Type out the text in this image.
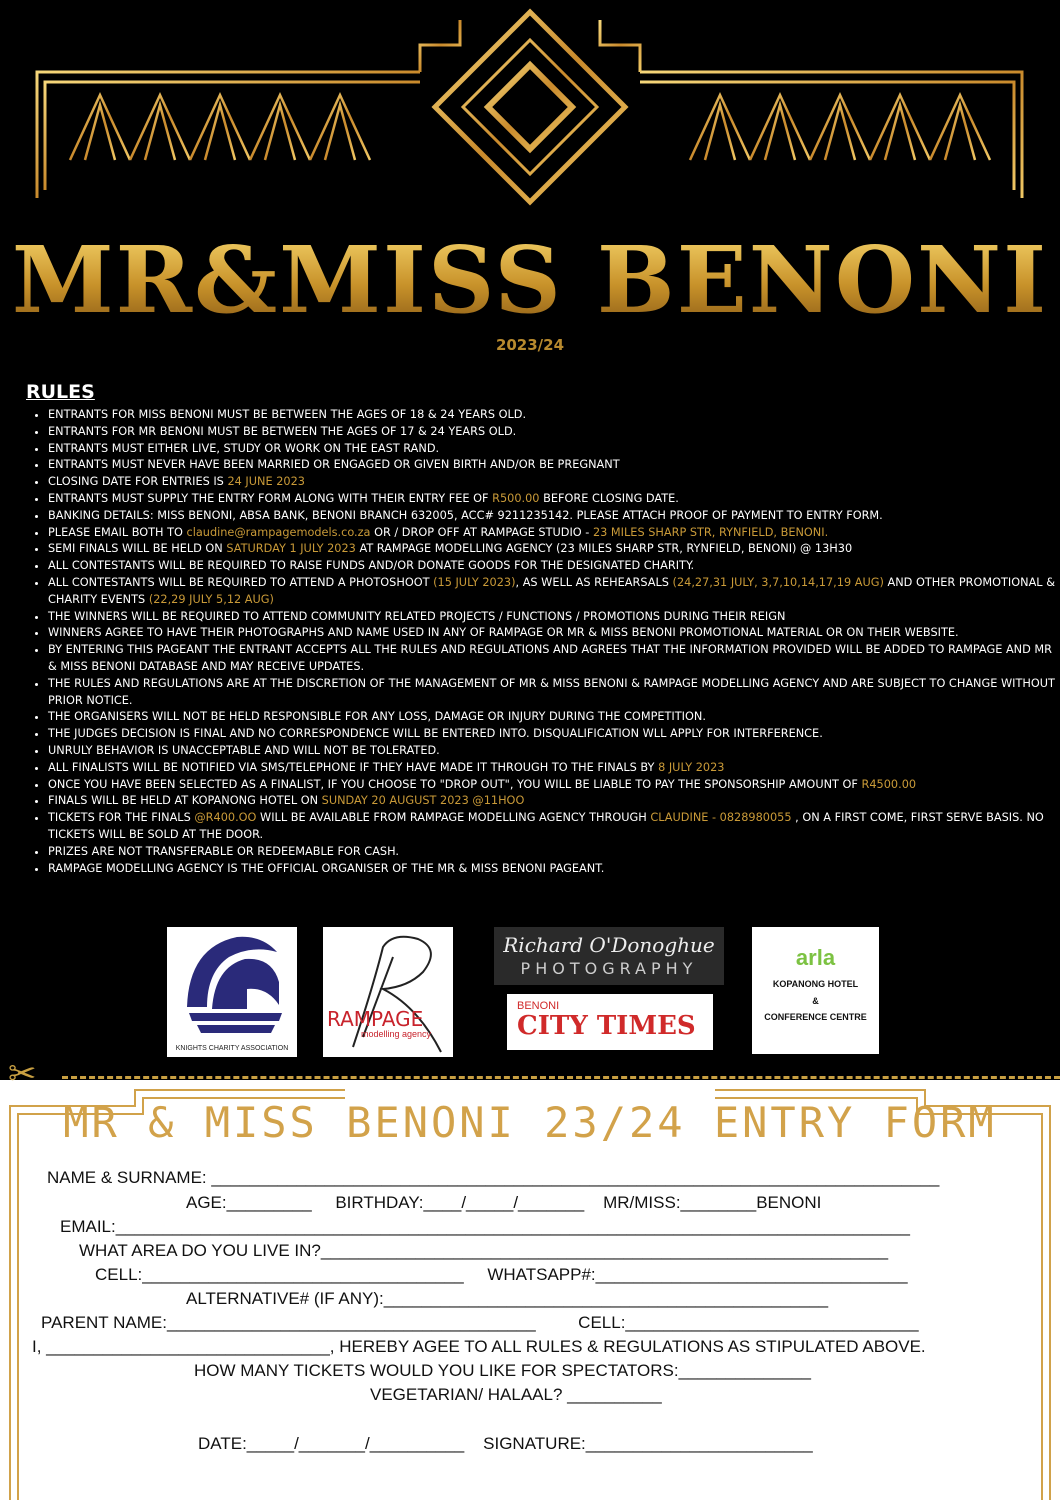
MR&MISS BENONI
2023/24
RULES
• ENTRANTS FOR MISS BENONI MUST BE BETWEEN THE AGES OF 18 & 24 YEARS OLD.
• ENTRANTS FOR MR BENONI MUST BE BETWEEN THE AGES OF 17 & 24 YEARS OLD.
• ENTRANTS MUST EITHER LIVE, STUDY OR WORK ON THE EAST RAND.
• ENTRANTS MUST NEVER HAVE BEEN MARRIED OR ENGAGED OR GIVEN BIRTH AND/OR BE PREGNANT
• CLOSING DATE FOR ENTRIES IS 24 JUNE 2023
• ENTRANTS MUST SUPPLY THE ENTRY FORM ALONG WITH THEIR ENTRY FEE OF R500.00 BEFORE CLOSING DATE.
• BANKING DETAILS: MISS BENONI, ABSA BANK, BENONI BRANCH 632005, ACC# 9211235142. PLEASE ATTACH PROOF OF PAYMENT TO ENTRY FORM.
• PLEASE EMAIL BOTH TO claudine@rampagemodels.co.za OR / DROP OFF AT RAMPAGE STUDIO - 23 MILES SHARP STR, RYNFIELD, BENONI.
• SEMI FINALS WILL BE HELD ON SATURDAY 1 JULY 2023 AT RAMPAGE MODELLING AGENCY (23 MILES SHARP STR, RYNFIELD, BENONI) @ 13H30
• ALL CONTESTANTS WILL BE REQUIRED TO RAISE FUNDS AND/OR DONATE GOODS FOR THE DESIGNATED CHARITY.
• ALL CONTESTANTS WILL BE REQUIRED TO ATTEND A PHOTOSHOOT (15 JULY 2023), AS WELL AS REHEARSALS (24,27,31 JULY, 3,7,10,14,17,19 AUG) AND OTHER PROMOTIONAL & CHARITY EVENTS (22,29 JULY 5,12 AUG)
• THE WINNERS WILL BE REQUIRED TO ATTEND COMMUNITY RELATED PROJECTS / FUNCTIONS / PROMOTIONS DURING THEIR REIGN
• WINNERS AGREE TO HAVE THEIR PHOTOGRAPHS AND NAME USED IN ANY OF RAMPAGE OR MR & MISS BENONI PROMOTIONAL MATERIAL OR ON THEIR WEBSITE.
• BY ENTERING THIS PAGEANT THE ENTRANT ACCEPTS ALL THE RULES AND REGULATIONS AND AGREES THAT THE INFORMATION PROVIDED WILL BE ADDED TO RAMPAGE AND MR & MISS BENONI DATABASE AND MAY RECEIVE UPDATES.
• THE RULES AND REGULATIONS ARE AT THE DISCRETION OF THE MANAGEMENT OF MR & MISS BENONI & RAMPAGE MODELLING AGENCY AND ARE SUBJECT TO CHANGE WITHOUT PRIOR NOTICE.
• THE ORGANISERS WILL NOT BE HELD RESPONSIBLE FOR ANY LOSS, DAMAGE OR INJURY DURING THE COMPETITION.
• THE JUDGES DECISION IS FINAL AND NO CORRESPONDENCE WILL BE ENTERED INTO. DISQUALIFICATION WLL APPLY FOR INTERFERENCE.
• UNRULY BEHAVIOR IS UNACCEPTABLE AND WILL NOT BE TOLERATED.
• ALL FINALISTS WILL BE NOTIFIED VIA SMS/TELEPHONE IF THEY HAVE MADE IT THROUGH TO THE FINALS BY 8 JULY 2023
• ONCE YOU HAVE BEEN SELECTED AS A FINALIST, IF YOU CHOOSE TO "DROP OUT", YOU WILL BE LIABLE TO PAY THE SPONSORSHIP AMOUNT OF R4500.00
• FINALS WILL BE HELD AT KOPANONG HOTEL ON SUNDAY 20 AUGUST 2023 @11HOO
• TICKETS FOR THE FINALS @R400.OO WILL BE AVAILABLE FROM RAMPAGE MODELLING AGENCY THROUGH CLAUDINE - 0828980055 , ON A FIRST COME, FIRST SERVE BASIS. NO TICKETS WILL BE SOLD AT THE DOOR.
• PRIZES ARE NOT TRANSFERABLE OR REDEEMABLE FOR CASH.
• RAMPAGE MODELLING AGENCY IS THE OFFICIAL ORGANISER OF THE MR & MISS BENONI PAGEANT.
KNIGHTS CHARITY ASSOCIATION
RAMPAGE
modelling agency
Richard O'Donoghue
PHOTOGRAPHY
BENONI
CITY TIMES
arla
KOPANONG HOTEL
&
CONFERENCE CENTRE
✂
MR & MISS BENONI 23/24 ENTRY FORM
NAME & SURNAME: _____________________________________________________________________________
AGE:_________     BIRTHDAY:____/_____/_______    MR/MISS:________BENONI
EMAIL:____________________________________________________________________________________
WHAT AREA DO YOU LIVE IN?____________________________________________________________
CELL:__________________________________     WHATSAPP#:_________________________________
ALTERNATIVE# (IF ANY):_______________________________________________
PARENT NAME:_______________________________________         CELL:_______________________________
I, ______________________________, HEREBY AGEE TO ALL RULES & REGULATIONS AS STIPULATED ABOVE.
HOW MANY TICKETS WOULD YOU LIKE FOR SPECTATORS:______________
VEGETARIAN/ HALAAL? __________
DATE:_____/_______/__________    SIGNATURE:________________________
